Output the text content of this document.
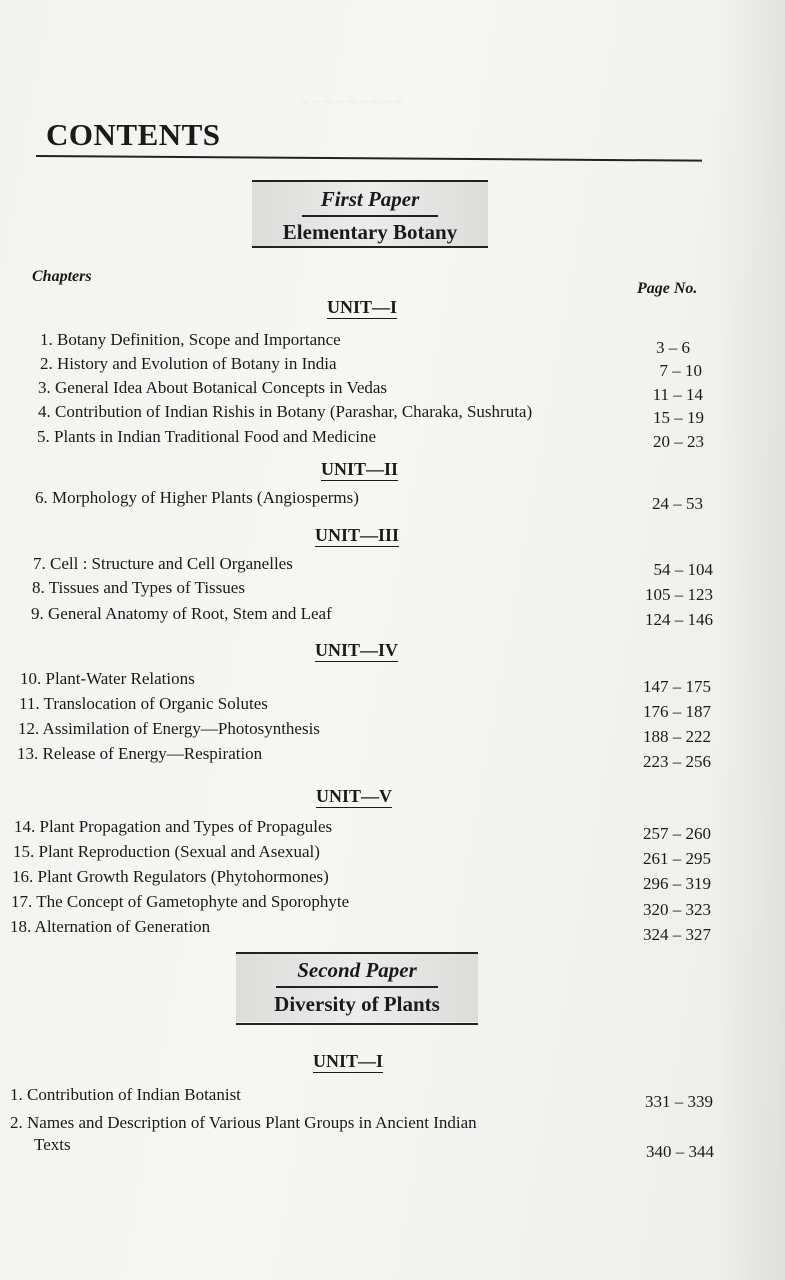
~ ~ ~ ~ ~ ~ ~ ~ ~
CONTENTS
First Paper
Elementary Botany
Chapters
Page No.
UNIT—I
1. Botany Definition, Scope and Importance	3 – 6
2. History and Evolution of Botany in India	7 – 10
3. General Idea About Botanical Concepts in Vedas	11 – 14
4. Contribution of Indian Rishis in Botany (Parashar, Charaka, Sushruta)	15 – 19
5. Plants in Indian Traditional Food and Medicine	20 – 23
UNIT—II
6. Morphology of Higher Plants (Angiosperms)	24 – 53
UNIT—III
7. Cell : Structure and Cell Organelles	54 – 104
8. Tissues and Types of Tissues	105 – 123
9. General Anatomy of Root, Stem and Leaf	124 – 146
UNIT—IV
10. Plant-Water Relations	147 – 175
11. Translocation of Organic Solutes	176 – 187
12. Assimilation of Energy—Photosynthesis	188 – 222
13. Release of Energy—Respiration	223 – 256
UNIT—V
14. Plant Propagation and Types of Propagules	257 – 260
15. Plant Reproduction (Sexual and Asexual)	261 – 295
16. Plant Growth Regulators (Phytohormones)	296 – 319
17. The Concept of Gametophyte and Sporophyte	320 – 323
18. Alternation of Generation	324 – 327
Second Paper
Diversity of Plants
UNIT—I
1. Contribution of Indian Botanist	331 – 339
2. Names and Description of Various Plant Groups in Ancient Indian
Texts	340 – 344
